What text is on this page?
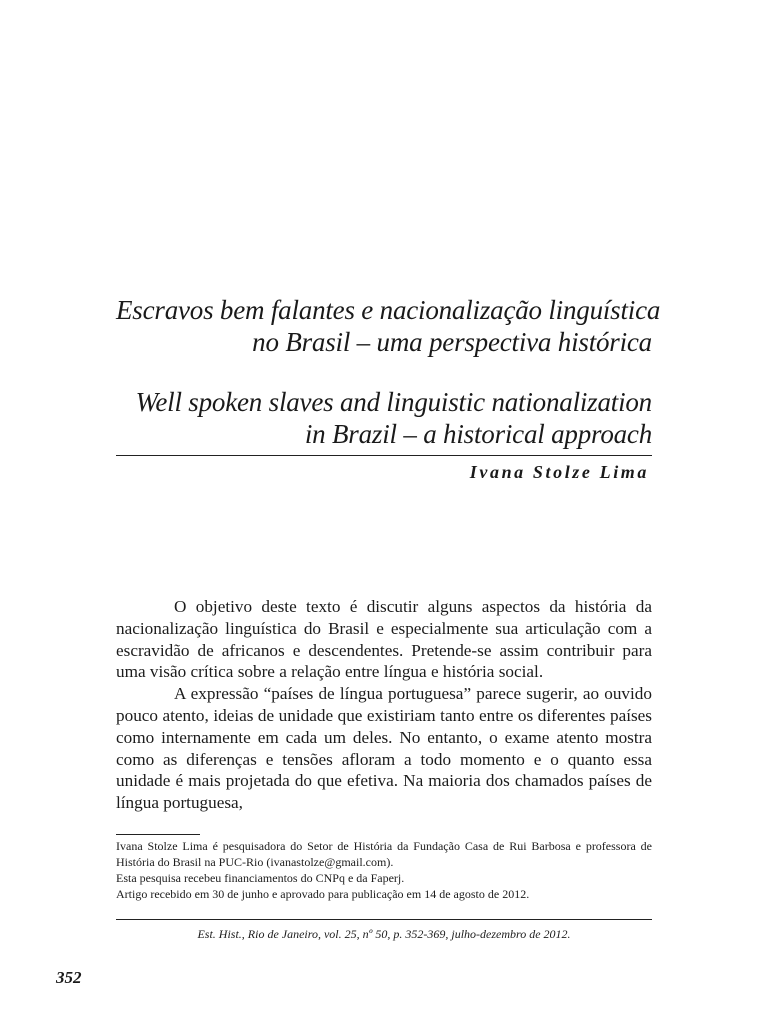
Escravos bem falantes e nacionalização linguística
no Brasil – uma perspectiva histórica
Well spoken slaves and linguistic nationalization
in Brazil – a historical approach
Ivana Stolze Lima

O objetivo deste texto é discutir alguns aspectos da história da nacionalização linguística do Brasil e especialmente sua articulação com a escravidão de africanos e descendentes. Pretende-se assim contribuir para uma visão crítica sobre a relação entre língua e história social.

A expressão “países de língua portuguesa” parece sugerir, ao ouvido pouco atento, ideias de unidade que existiriam tanto entre os diferentes países como internamente em cada um deles. No entanto, o exame atento mostra como as diferenças e tensões afloram a todo momento e o quanto essa unidade é mais projetada do que efetiva. Na maioria dos chamados países de língua portuguesa,

Ivana Stolze Lima é pesquisadora do Setor de História da Fundação Casa de Rui Barbosa e professora de História do Brasil na PUC-Rio (ivanastolze@gmail.com).

Esta pesquisa recebeu financiamentos do CNPq e da Faperj.

Artigo recebido em 30 de junho e aprovado para publicação em 14 de agosto de 2012.

Est. Hist., Rio de Janeiro, vol. 25, nº 50, p. 352-369, julho-dezembro de 2012.
352
